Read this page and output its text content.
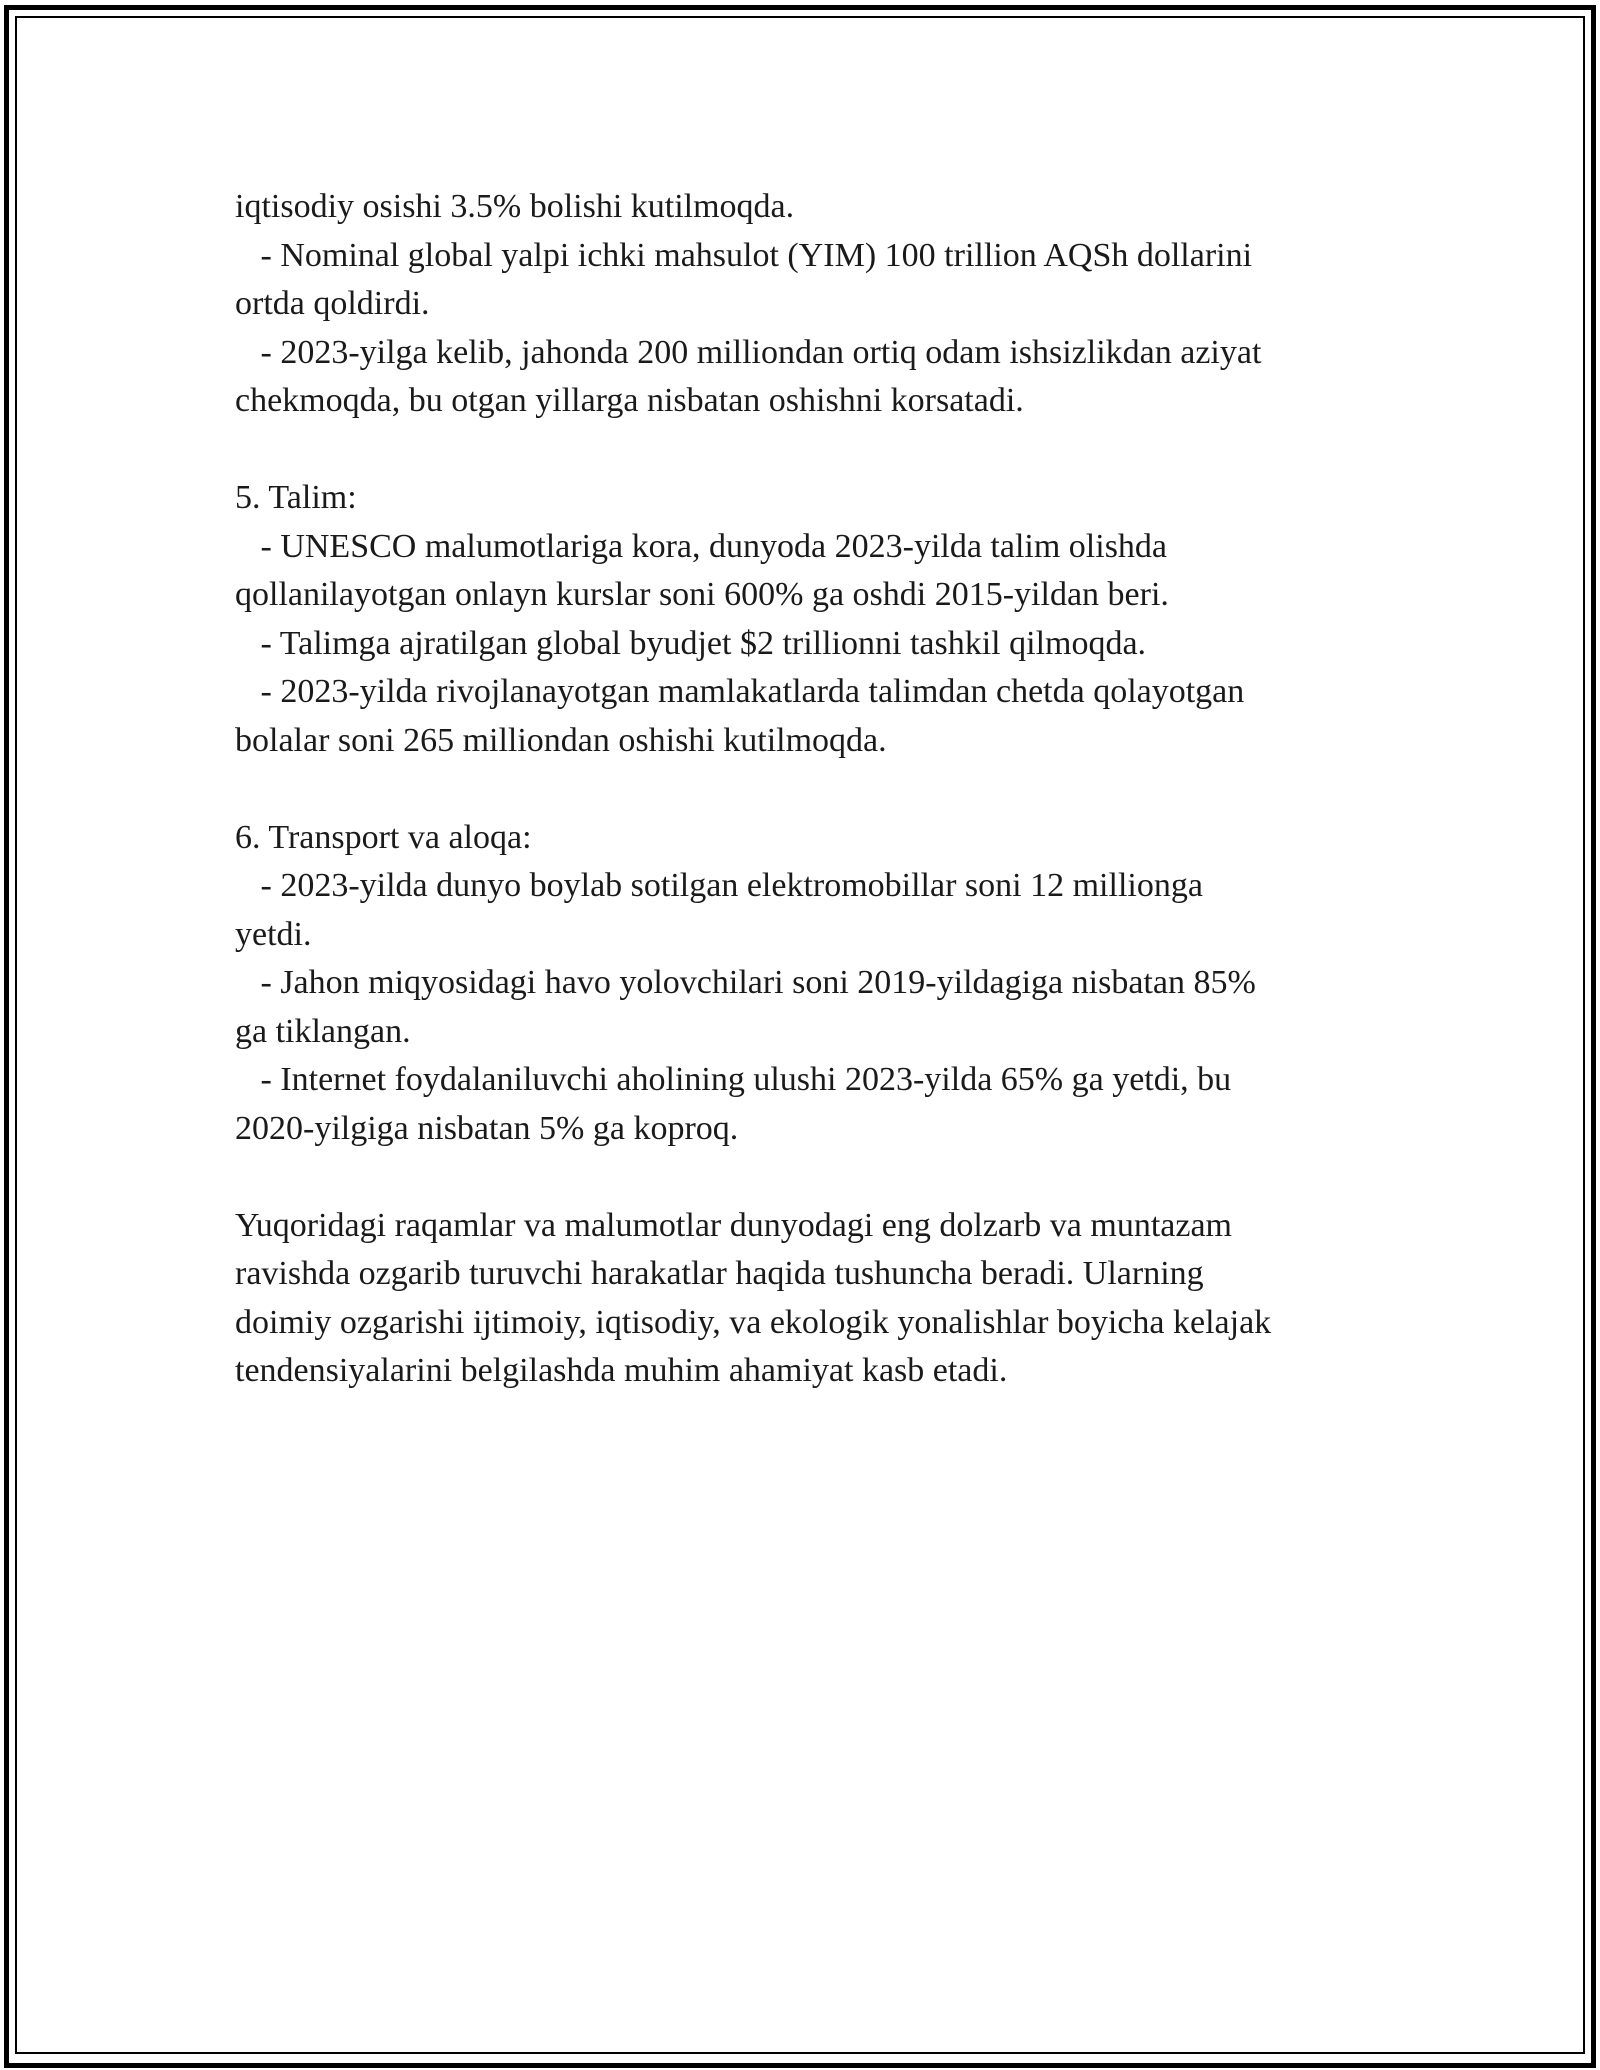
iqtisodiy osishi 3.5% bolishi kutilmoqda.

- Nominal global yalpi ichki mahsulot (YIM) 100 trillion AQSh dollarini

ortda qoldirdi.

- 2023-yilga kelib, jahonda 200 milliondan ortiq odam ishsizlikdan aziyat

chekmoqda, bu otgan yillarga nisbatan oshishni korsatadi.

5. Talim:

- UNESCO malumotlariga kora, dunyoda 2023-yilda talim olishda

qollanilayotgan onlayn kurslar soni 600% ga oshdi 2015-yildan beri.

- Talimga ajratilgan global byudjet $2 trillionni tashkil qilmoqda.

- 2023-yilda rivojlanayotgan mamlakatlarda talimdan chetda qolayotgan

bolalar soni 265 milliondan oshishi kutilmoqda.

6. Transport va aloqa:

- 2023-yilda dunyo boylab sotilgan elektromobillar soni 12 millionga

yetdi.

- Jahon miqyosidagi havo yolovchilari soni 2019-yildagiga nisbatan 85%

ga tiklangan.

- Internet foydalaniluvchi aholining ulushi 2023-yilda 65% ga yetdi, bu

2020-yilgiga nisbatan 5% ga koproq.

Yuqoridagi raqamlar va malumotlar dunyodagi eng dolzarb va muntazam

ravishda ozgarib turuvchi harakatlar haqida tushuncha beradi. Ularning

doimiy ozgarishi ijtimoiy, iqtisodiy, va ekologik yonalishlar boyicha kelajak

tendensiyalarini belgilashda muhim ahamiyat kasb etadi.
